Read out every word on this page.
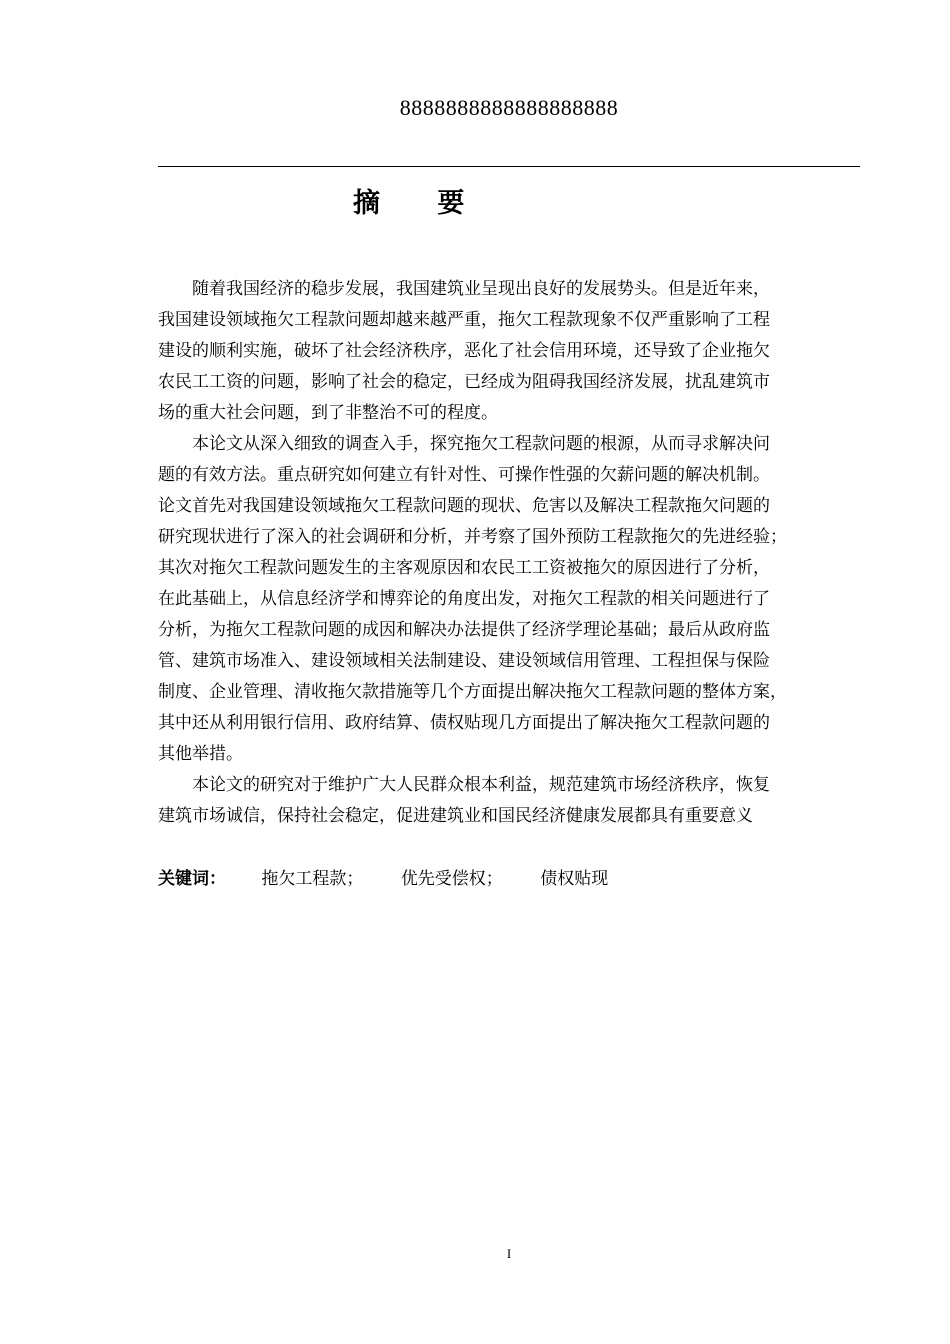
8888888888888888888
摘 要

随着我国经济的稳步发展，我国建筑业呈现出良好的发展势头。但是近年来，
我国建设领域拖欠工程款问题却越来越严重，拖欠工程款现象不仅严重影响了工程
建设的顺利实施，破坏了社会经济秩序，恶化了社会信用环境，还导致了企业拖欠
农民工工资的问题，影响了社会的稳定，已经成为阻碍我国经济发展，扰乱建筑市
场的重大社会问题，到了非整治不可的程度。

本论文从深入细致的调查入手，探究拖欠工程款问题的根源，从而寻求解决问
题的有效方法。重点研究如何建立有针对性、可操作性强的欠薪问题的解决机制。
论文首先对我国建设领域拖欠工程款问题的现状、危害以及解决工程款拖欠问题的
研究现状进行了深入的社会调研和分析，并考察了国外预防工程款拖欠的先进经验；
其次对拖欠工程款问题发生的主客观原因和农民工工资被拖欠的原因进行了分析，
在此基础上，从信息经济学和博弈论的角度出发，对拖欠工程款的相关问题进行了
分析，为拖欠工程款问题的成因和解决办法提供了经济学理论基础；最后从政府监
管、建筑市场准入、建设领域相关法制建设、建设领域信用管理、工程担保与保险
制度、企业管理、清收拖欠款措施等几个方面提出解决拖欠工程款问题的整体方案，
其中还从利用银行信用、政府结算、债权贴现几方面提出了解决拖欠工程款问题的
其他举措。

本论文的研究对于维护广大人民群众根本利益，规范建筑市场经济秩序，恢复
建筑市场诚信，保持社会稳定，促进建筑业和国民经济健康发展都具有重要意义

关键词： 拖欠工程款； 优先受偿权； 债权贴现
I
